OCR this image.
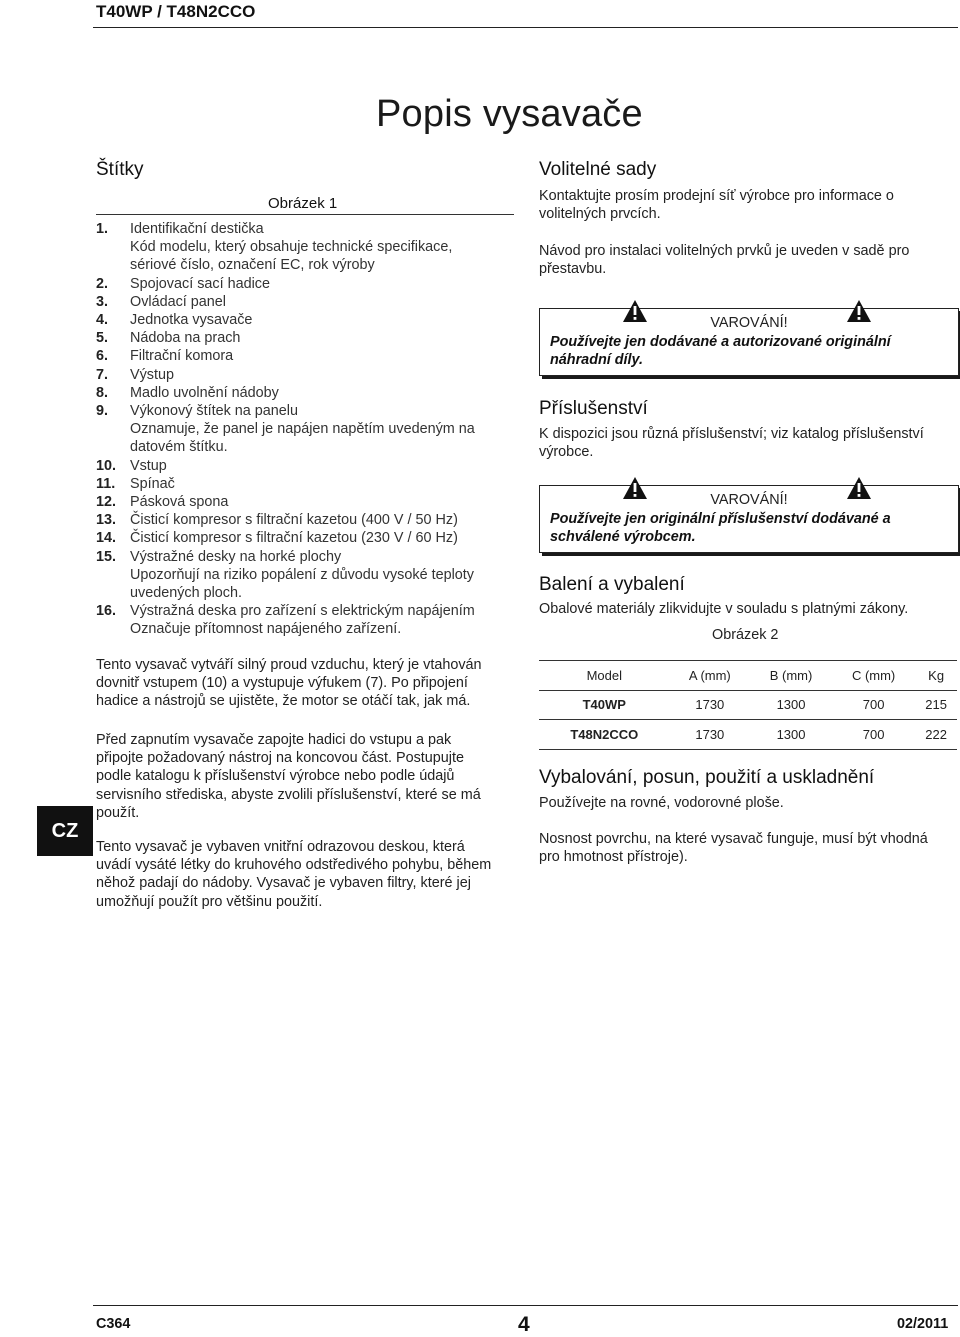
T40WP / T48N2CCO
Popis vysavače
Štítky
Obrázek 1
1.	Identifikační destička
Kód modelu, který obsahuje technické specifikace,
sériové číslo, označení EC, rok výroby
2.	Spojovací sací hadice
3.	Ovládací panel
4.	Jednotka vysavače
5.	Nádoba na prach
6.	Filtrační komora
7.	Výstup
8.	Madlo uvolnění nádoby
9.	Výkonový štítek na panelu
Oznamuje, že panel je napájen napětím uvedeným na
datovém štítku.
10. Vstup
11.	Spínač
12. Pásková spona
13. Čisticí kompresor s filtrační kazetou (400 V / 50 Hz)
14. Čisticí kompresor s filtrační kazetou (230 V / 60 Hz)
15. Výstražné desky na horké plochy
Upozorňují na riziko popálení z důvodu vysoké teploty
uvedených ploch.
16. Výstražná deska pro zařízení s elektrickým napájením
Označuje přítomnost napájeného zařízení.
Tento vysavač vytváří silný proud vzduchu, který je vtahován
dovnitř vstupem (10) a vystupuje výfukem (7). Po připojení
hadice a nástrojů se ujistěte, že motor se otáčí tak, jak má.
Před zapnutím vysavače zapojte hadici do vstupu a pak
připojte požadovaný nástroj na koncovou část. Postupujte
podle katalogu k příslušenství výrobce nebo podle údajů
servisního střediska, abyste zvolili příslušenství, které se má
použít.
Tento vysavač je vybaven vnitřní odrazovou deskou, která
uvádí vysáté létky do kruhového odstředivého pohybu, během
něhož padají do nádoby. Vysavač je vybaven filtry, které jej
umožňují použít pro většinu použití.
CZ
Volitelné sady
Kontaktujte prosím prodejní síť výrobce pro informace o
volitelných prvcích.
Návod pro instalaci volitelných prvků je uveden v sadě pro
přestavbu.
VAROVÁNÍ!
Používejte jen dodávané a autorizované originální
náhradní díly.
Příslušenství
K dispozici jsou různá příslušenství; viz katalog příslušenství
výrobce.
VAROVÁNÍ!
Používejte jen originální příslušenství dodávané a
schválené výrobcem.
Balení a vybalení
Obalové materiály zlikvidujte v souladu s platnými zákony.
Obrázek 2
Model	A (mm)	B (mm)	C (mm)	Kg
T40WP	1730	1300	700	215
T48N2CCO	1730	1300	700	222
Vybalování, posun, použití a uskladnění
Používejte na rovné, vodorovné ploše.
Nosnost povrchu, na které vysavač funguje, musí být vhodná
pro hmotnost přístroje).
C364	4	02/2011
